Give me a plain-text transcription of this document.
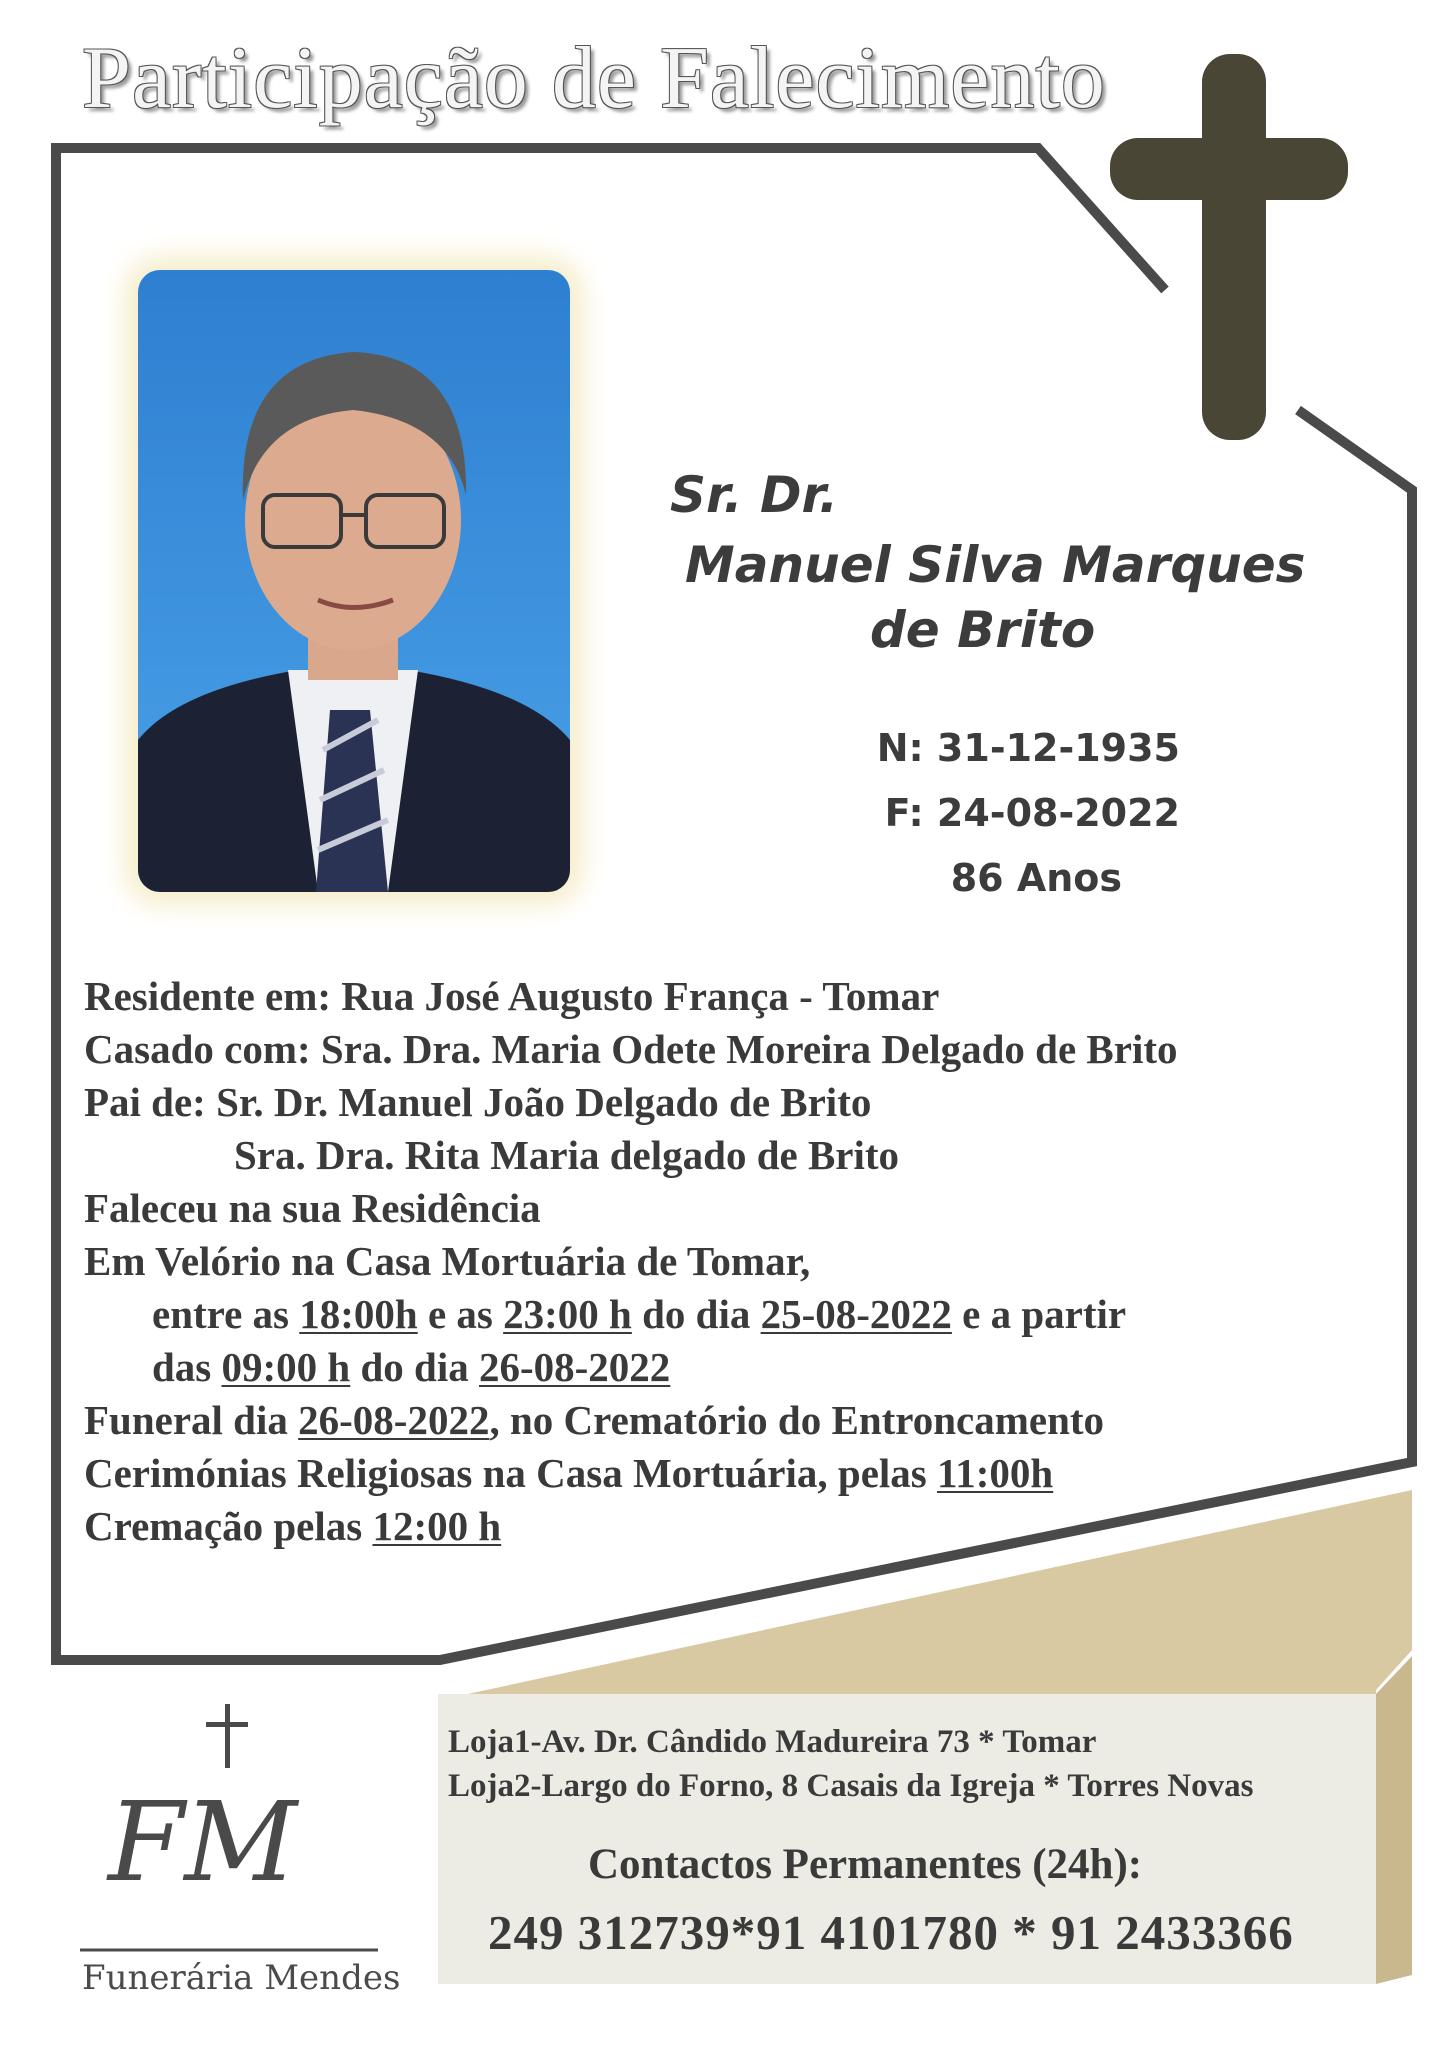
Participação de Falecimento
Sr. Dr.
Manuel Silva Marques
de Brito
N: 31-12-1935
F: 24-08-2022
86 Anos
Residente em: Rua José Augusto França - Tomar
Casado com: Sra. Dra. Maria Odete Moreira Delgado de Brito
Pai de: Sr. Dr. Manuel João Delgado de Brito
Sra. Dra. Rita Maria delgado de Brito
Faleceu na sua Residência
Em Velório na Casa Mortuária de Tomar,
entre as 18:00h e as 23:00 h do dia 25-08-2022 e a partir
das 09:00 h do dia 26-08-2022
Funeral dia 26-08-2022, no Crematório do Entroncamento
Cerimónias Religiosas na Casa Mortuária, pelas 11:00h
Cremação pelas 12:00 h
FM
Funerária Mendes
Loja1-Av. Dr. Cândido Madureira 73 * Tomar
Loja2-Largo do Forno, 8 Casais da Igreja * Torres Novas
Contactos Permanentes (24h):
249 312739*91 4101780 * 91 2433366
